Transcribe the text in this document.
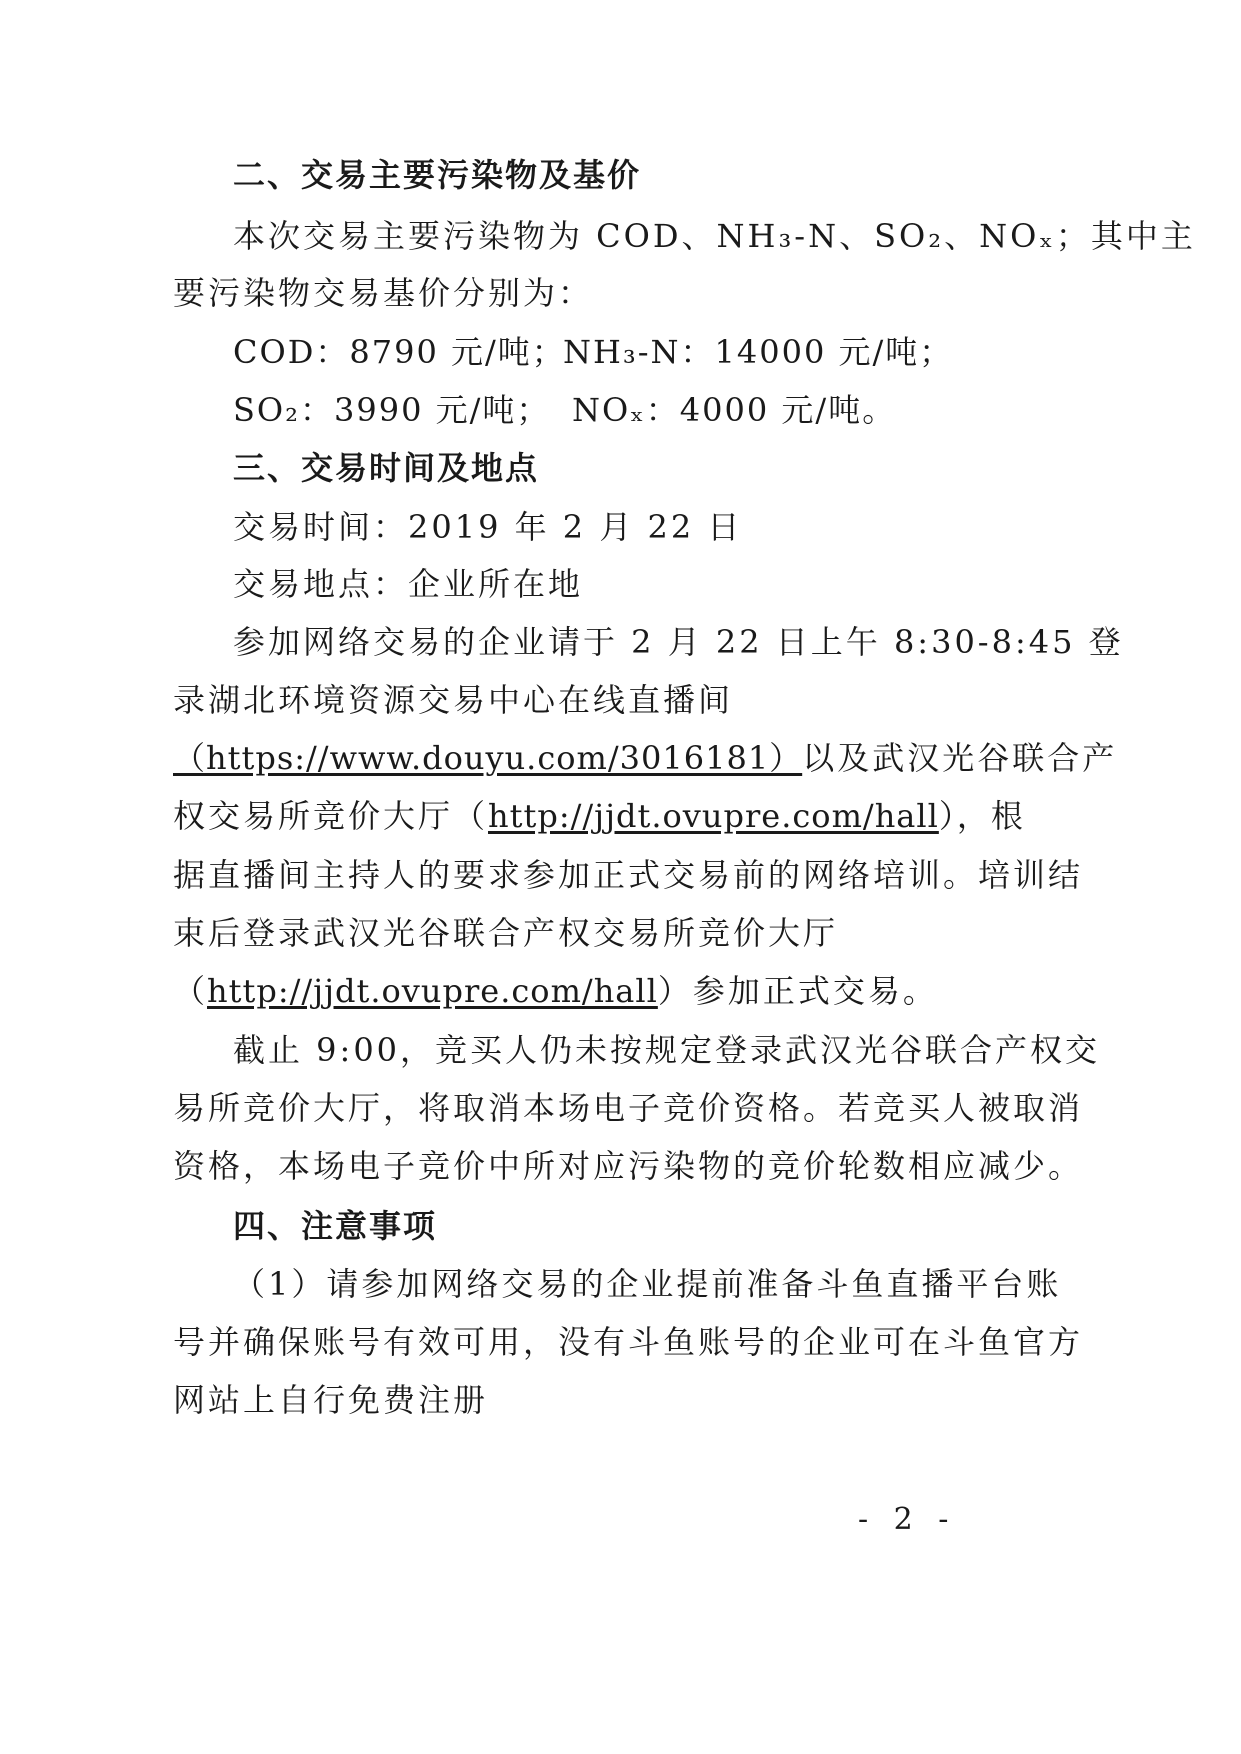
二、交易主要污染物及基价
本次交易主要污染物为 COD、NH₃-N、SO₂、NOₓ；其中主
要污染物交易基价分别为：
COD：8790 元/吨；
NH₃-N：14000 元/吨；
SO₂：3990 元/吨； NOₓ：4000 元/吨。
三、交易时间及地点
交易时间：2019 年 2 月 22 日
交易地点：企业所在地
参加网络交易的企业请于 2 月 22 日上午 8:30-8:45 登
录湖北环境资源交易中心在线直播间
（https://www.douyu.com/3016181）以及武汉光谷联合产
权交易所竞价大厅（http://jjdt.ovupre.com/hall），根
据直播间主持人的要求参加正式交易前的网络培训。培训结
束后登录武汉光谷联合产权交易所竞价大厅
（http://jjdt.ovupre.com/hall）参加正式交易。
截止 9:00，竞买人仍未按规定登录武汉光谷联合产权交
易所竞价大厅，将取消本场电子竞价资格。若竞买人被取消
资格，本场电子竞价中所对应污染物的竞价轮数相应减少。
四、注意事项
（1）请参加网络交易的企业提前准备斗鱼直播平台账
号并确保账号有效可用，没有斗鱼账号的企业可在斗鱼官方
网站上自行免费注册
- 2 -
